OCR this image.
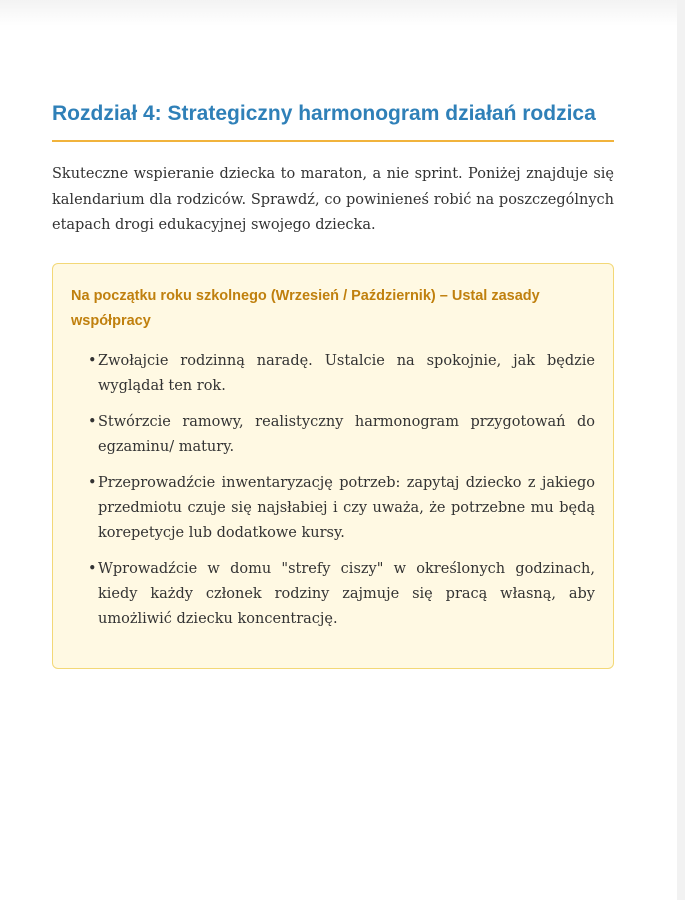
Rozdział 4: Strategiczny harmonogram działań rodzica

Skuteczne wspieranie dziecka to maraton, a nie sprint. Poniżej znajduje się kalendarium dla rodziców. Sprawdź, co powinieneś robić na poszczególnych etapach drogi edukacyjnej swojego dziecka.

Na początku roku szkolnego (Wrzesień / Październik) – Ustal zasady współpracy

• Zwołajcie rodzinną naradę. Ustalcie na spokojnie, jak będzie wyglądał ten rok.
• Stwórzcie ramowy, realistyczny harmonogram przygotowań do egzaminu/ matury.
• Przeprowadźcie inwentaryzację potrzeb: zapytaj dziecko z jakiego przedmiotu czuje się najsłabiej i czy uważa, że potrzebne mu będą korepetycje lub dodatkowe kursy.
• Wprowadźcie w domu "strefy ciszy" w określonych godzinach, kiedy każdy członek rodziny zajmuje się pracą własną, aby umożliwić dziecku koncentrację.
